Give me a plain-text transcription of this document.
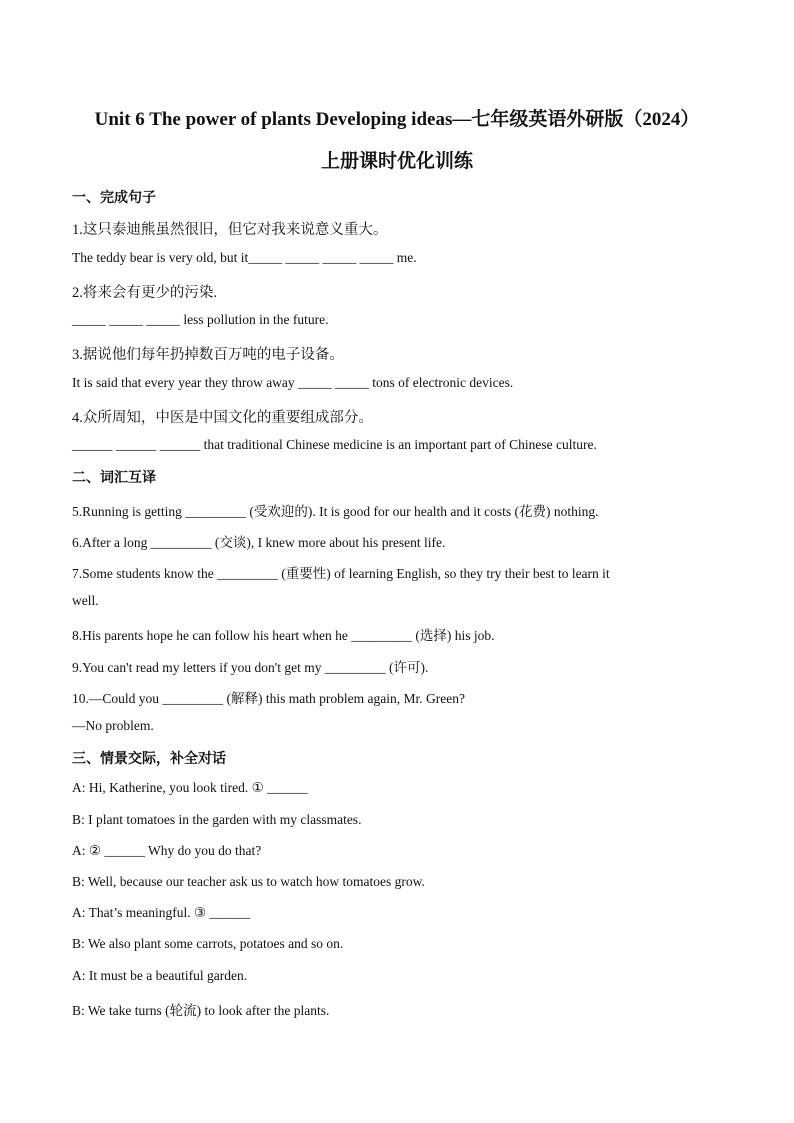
Unit 6 The power of plants Developing ideas—七年级英语外研版（2024）
上册课时优化训练
一、完成句子
1.这只泰迪熊虽然很旧，但它对我来说意义重大。
The teddy bear is very old, but it_____ _____ _____ _____ me.
2.将来会有更少的污染.
_____ _____ _____ less pollution in the future.
3.据说他们每年扔掉数百万吨的电子设备。
It is said that every year they throw away _____ _____ tons of electronic devices.
4.众所周知，中医是中国文化的重要组成部分。
______ ______ ______ that traditional Chinese medicine is an important part of Chinese culture.
二、词汇互译
5.Running is getting _________ (受欢迎的). It is good for our health and it costs (花费) nothing.
6.After a long _________ (交谈), I knew more about his present life.
7.Some students know the _________ (重要性) of learning English, so they try their best to learn it
well.
8.His parents hope he can follow his heart when he _________ (选择) his job.
9.You can't read my letters if you don't get my _________ (许可).
10.—Could you _________ (解释) this math problem again, Mr. Green?
—No problem.
三、情景交际，补全对话
A: Hi, Katherine, you look tired. ① ______
B: I plant tomatoes in the garden with my classmates.
A: ② ______ Why do you do that?
B: Well, because our teacher ask us to watch how tomatoes grow.
A: That’s meaningful. ③ ______
B: We also plant some carrots, potatoes and so on.
A: It must be a beautiful garden.
B: We take turns (轮流) to look after the plants.
